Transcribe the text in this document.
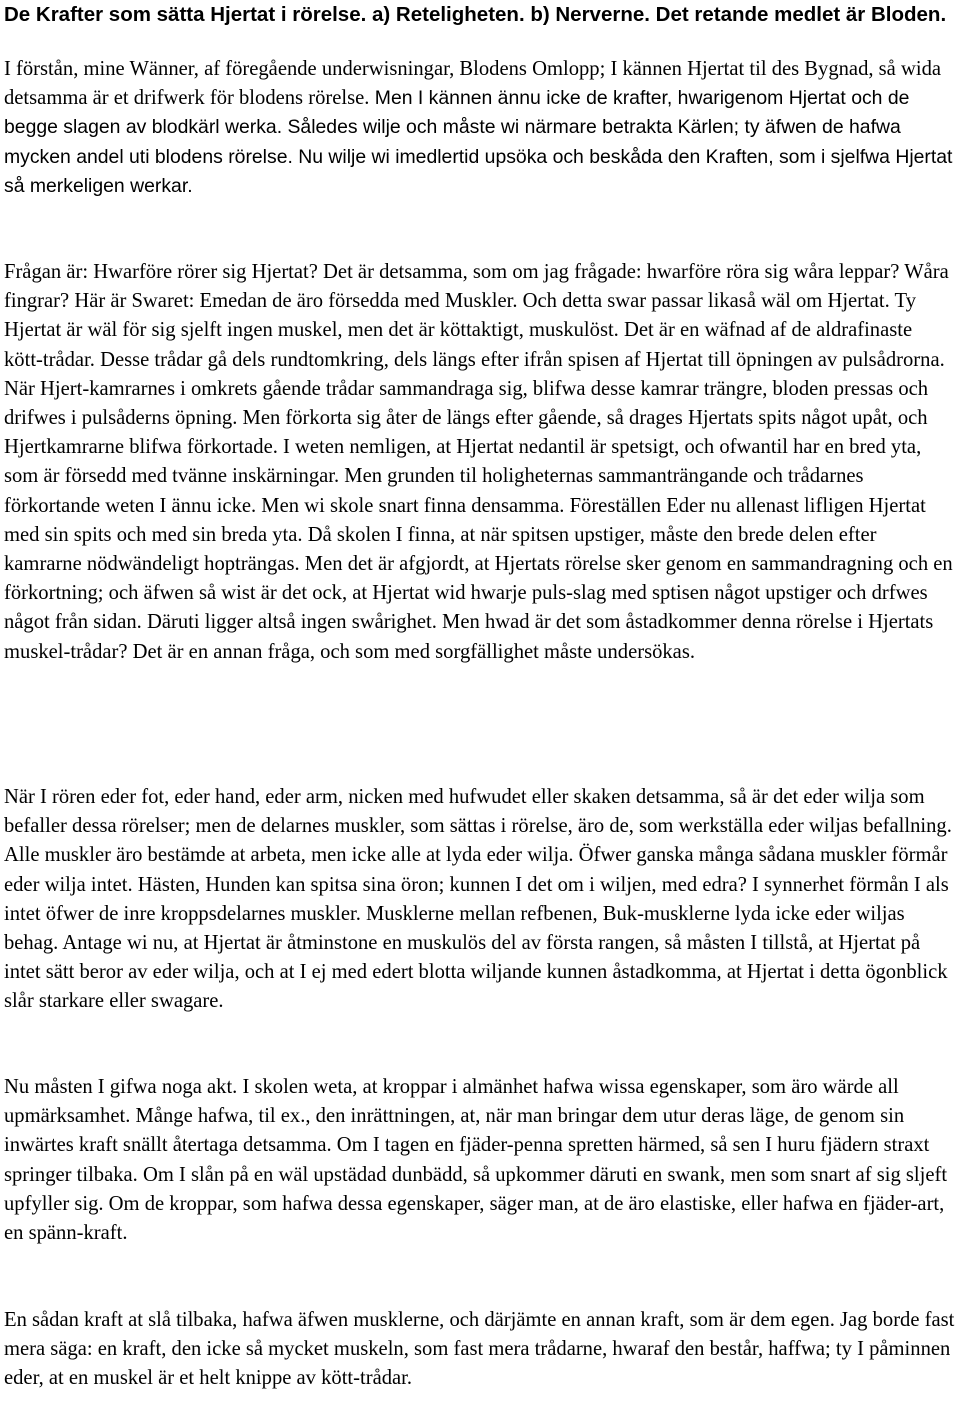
De Krafter som sätta Hjertat i rörelse. a) Reteligheten. b) Nerverne. Det retande medlet är Bloden.

I förstån, mine Wänner, af föregående underwisningar, Blodens Omlopp; I kännen Hjertat til des Bygnad, så wida detsamma är et drifwerk för blodens rörelse. Men I kännen ännu icke de krafter, hwarigenom Hjertat och de begge slagen av blodkärl werka. Således wilje och måste wi närmare betrakta Kärlen; ty äfwen de hafwa mycken andel uti blodens rörelse. Nu wilje wi imedlertid upsöka och beskåda den Kraften, som i sjelfwa Hjertat så merkeligen werkar.

Frågan är: Hwarföre rörer sig Hjertat? Det är detsamma, som om jag frågade: hwarföre röra sig wåra leppar? Wåra fingrar? Här är Swaret: Emedan de äro försedda med Muskler. Och detta swar passar likaså wäl om Hjertat. Ty Hjertat är wäl för sig sjelft ingen muskel, men det är köttaktigt, muskulöst. Det är en wäfnad af de aldrafinaste kött-trådar. Desse trådar gå dels rundtomkring, dels längs efter ifrån spisen af Hjertat till öpningen av pulsådrorna. När Hjert-kamrarnes i omkrets gående trådar sammandraga sig, blifwa desse kamrar trängre, bloden pressas och drifwes i pulsåderns öpning. Men förkorta sig åter de längs efter gående, så drages Hjertats spits något upåt, och Hjertkamrarne blifwa förkortade. I weten nemligen, at Hjertat nedantil är spetsigt, och ofwantil har en bred yta, som är försedd med tvänne inskärningar. Men grunden til holigheternas sammanträngande och trådarnes förkortande weten I ännu icke. Men wi skole snart finna densamma. Föreställen Eder nu allenast lifligen Hjertat med sin spits och med sin breda yta. Då skolen I finna, at när spitsen upstiger, måste den brede delen efter kamrarne nödwändeligt hopträngas. Men det är afgjordt, at Hjertats rörelse sker genom en sammandragning och en förkortning; och äfwen så wist är det ock, at Hjertat wid hwarje puls-slag med sptisen något upstiger och drfwes något från sidan. Däruti ligger altså ingen swårighet. Men hwad är det som åstadkommer denna rörelse i Hjertats muskel-trådar? Det är en annan fråga, och som med sorgfällighet måste undersökas.

När I rören eder fot, eder hand, eder arm, nicken med hufwudet eller skaken detsamma, så är det eder wilja som befaller dessa rörelser; men de delarnes muskler, som sättas i rörelse, äro de, som werkställa eder wiljas befallning. Alle muskler äro bestämde at arbeta, men icke alle at lyda eder wilja. Öfwer ganska många sådana muskler förmår eder wilja intet. Hästen, Hunden kan spitsa sina öron; kunnen I det om i wiljen, med edra? I synnerhet förmån I als intet öfwer de inre kroppsdelarnes muskler. Musklerne mellan refbenen, Buk-musklerne lyda icke eder wiljas behag. Antage wi nu, at Hjertat är åtminstone en muskulös del av första rangen, så måsten I tillstå, at Hjertat på intet sätt beror av eder wilja, och at I ej med edert blotta wiljande kunnen åstadkomma, at Hjertat i detta ögonblick slår starkare eller swagare.

Nu måsten I gifwa noga akt. I skolen weta, at kroppar i almänhet hafwa wissa egenskaper, som äro wärde all upmärksamhet. Månge hafwa, til ex., den inrättningen, at, när man bringar dem utur deras läge, de genom sin inwärtes kraft snällt återtaga detsamma. Om I tagen en fjäder-penna spretten härmed, så sen I huru fjädern straxt springer tilbaka. Om I slån på en wäl upstädad dunbädd, så upkommer däruti en swank, men som snart af sig sljeft upfyller sig. Om de kroppar, som hafwa dessa egenskaper, säger man, at de äro elastiske, eller hafwa en fjäder-art, en spänn-kraft.

En sådan kraft at slå tilbaka, hafwa äfwen musklerne, och därjämte en annan kraft, som är dem egen. Jag borde fast mera säga: en kraft, den icke så mycket muskeln, som fast mera trådarne, hwaraf den består, haffwa; ty I påminnen eder, at en muskel är et helt knippe av kött-trådar.
